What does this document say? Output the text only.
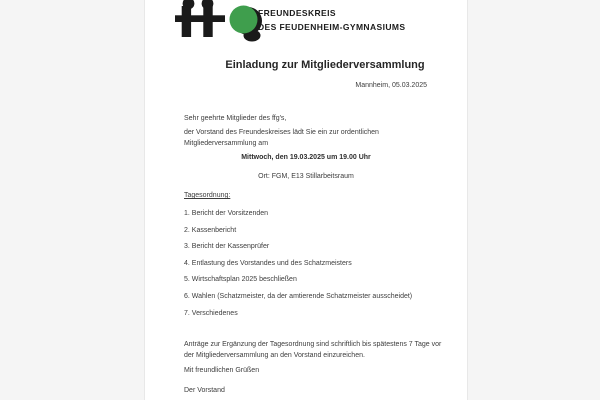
FREUNDESKREIS
DES FEUDENHEIM-GYMNASIUMS
Einladung zur Mitgliederversammlung
Mannheim, 05.03.2025
Sehr geehrte Mitglieder des ffg's,
der Vorstand des Freundeskreises lädt Sie ein zur ordentlichen
Mitgliederversammlung am
Mittwoch, den 19.03.2025 um 19.00 Uhr
Ort: FGM, E13 Stillarbeitsraum
Tagesordnung:
1. Bericht der Vorsitzenden
2. Kassenbericht
3. Bericht der Kassenprüfer
4. Entlastung des Vorstandes und des Schatzmeisters
5. Wirtschaftsplan 2025 beschließen
6. Wahlen (Schatzmeister, da der amtierende Schatzmeister ausscheidet)
7. Verschiedenes
Anträge zur Ergänzung der Tagesordnung sind schriftlich bis spätestens 7 Tage vor
der Mitgliederversammlung an den Vorstand einzureichen.
Mit freundlichen Grüßen
Der Vorstand
